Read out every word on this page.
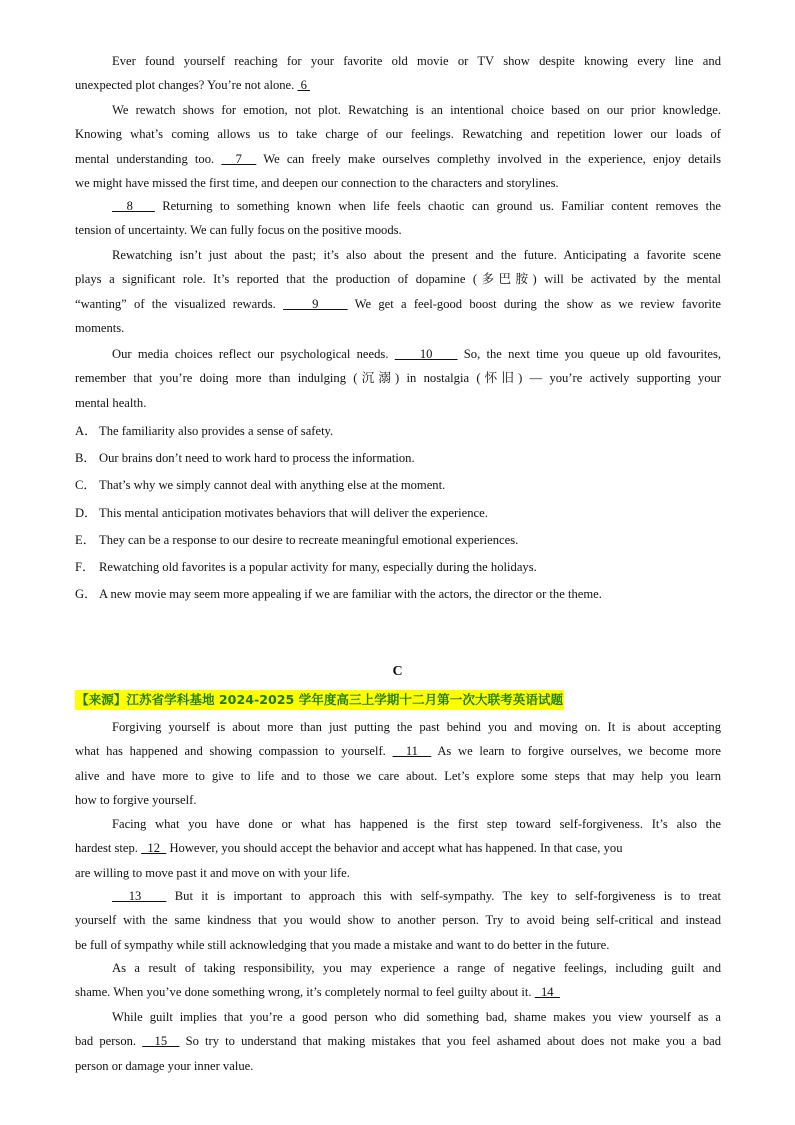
Ever found yourself reaching for your favorite old movie or TV show despite knowing every line and
unexpected plot changes? You’re not alone.  6
We rewatch shows for emotion, not plot. Rewatching is an intentional choice based on our prior knowledge.
Knowing what’s coming allows us to take charge of our feelings. Rewatching and repetition lower our loads of
mental understanding too.   7   We can freely make ourselves complethy involved in the experience, enjoy details
we might have missed the first time, and deepen our connection to the characters and storylines.
8    Returning to something known when life feels chaotic can ground us. Familiar content removes the
tension of uncertainty. We can fully focus on the positive moods.
Rewatching isn’t just about the past; it’s also about the present and the future. Anticipating a favorite scene
plays a significant role. It’s reported that the production of dopamine (多巴胺) will be activated by the mental
“wanting” of the visualized rewards.     9     We get a feel-good boost during the show as we review favorite
moments.
Our media choices reflect our psychological needs.     10     So, the next time you queue up old favourites,
remember that you’re doing more than indulging (沉溺) in nostalgia (怀旧) — you’re actively supporting your
mental health.
A． The familiarity also provides a sense of safety.
B． Our brains don’t need to work hard to process the information.
C． That’s why we simply cannot deal with anything else at the moment.
D． This mental anticipation motivates behaviors that will deliver the experience.
E． They can be a response to our desire to recreate meaningful emotional experiences.
F． Rewatching old favorites is a popular activity for many, especially during the holidays.
G． A new movie may seem more appealing if we are familiar with the actors, the director or the theme.
C
【来源】江苏省学科基地 2024-2025 学年度高三上学期十二月第一次大联考英语试题
Forgiving yourself is about more than just putting the past behind you and moving on. It is about accepting
what has happened and showing compassion to yourself.   11   As we learn to forgive ourselves, we become more
alive and have more to give to life and to those we care about. Let’s explore some steps that may help you learn
how to forgive yourself.
Facing what you have done or what has happened is the first step toward self-forgiveness. It’s also the
hardest step.   12   However, you should accept the behavior and accept what has happened. In that case, you
are willing to move past it and move on with your life.
13    But it is important to approach this with self-sympathy. The key to self-forgiveness is to treat
yourself with the same kindness that you would show to another person. Try to avoid being self-critical and instead
be full of sympathy while still acknowledging that you made a mistake and want to do better in the future.
As a result of taking responsibility, you may experience a range of negative feelings, including guilt and
shame. When you’ve done something wrong, it’s completely normal to feel guilty about it.   14
While guilt implies that you’re a good person who did something bad, shame makes you view yourself as a
bad person.   15   So try to understand that making mistakes that you feel ashamed about does not make you a bad
person or damage your inner value.
